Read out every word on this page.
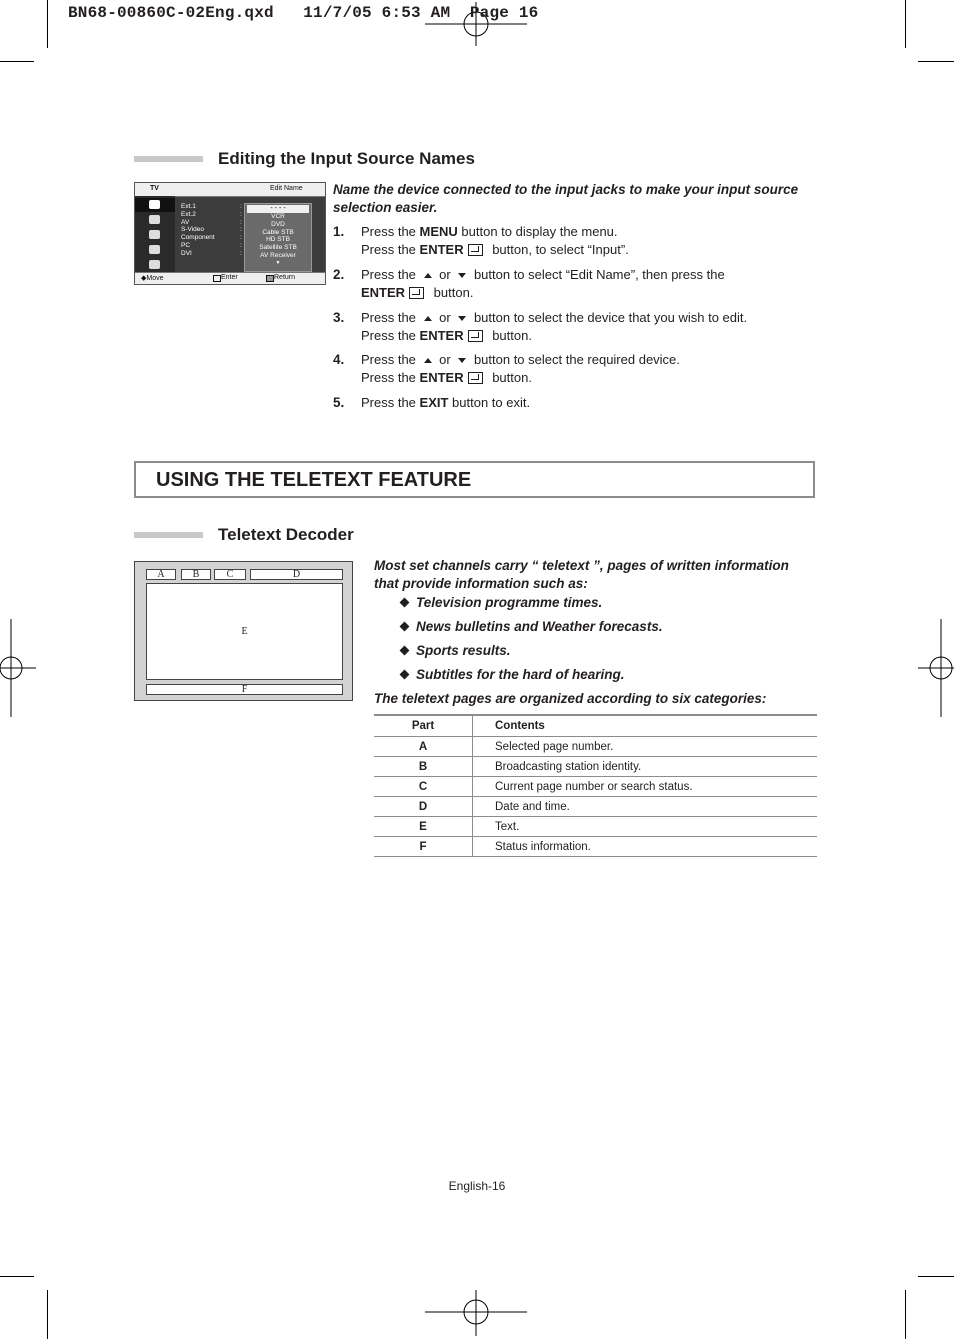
BN68-00860C-02Eng.qxd   11/7/05 6:53 AM  Page 16
Editing the Input Source Names
TV	Edit Name
Ext.1
Ext.2
AV
S-Video
Component
PC
DVI
:
:
:
:
:
:
:
- - - -
VCR
DVD
Cable STB
HD STB
Satellite STB
AV Receiver
▼
◆Move	Enter	Return
Name the device connected to the input jacks to make your input source selection easier.
1. Press the MENU button to display the menu.
Press the ENTER button, to select “Input”.
2. Press the  or  button to select “Edit Name”, then press the
ENTER button.
3. Press the  or  button to select the device that you wish to edit.
Press the ENTER button.
4. Press the  or  button to select the required device.
Press the ENTER button.
5. Press the EXIT button to exit.
USING THE TELETEXT FEATURE
Teletext Decoder
A	B	C	D
E
F
Most set channels carry “ teletext ”, pages of written information that provide information such as:
Television programme times.
News bulletins and Weather forecasts.
Sports results.
Subtitles for the hard of hearing.
The teletext pages are organized according to six categories:
Part	Contents
A	Selected page number.
B	Broadcasting station identity.
C	Current page number or search status.
D	Date and time.
E	Text.
F	Status information.
English-16
